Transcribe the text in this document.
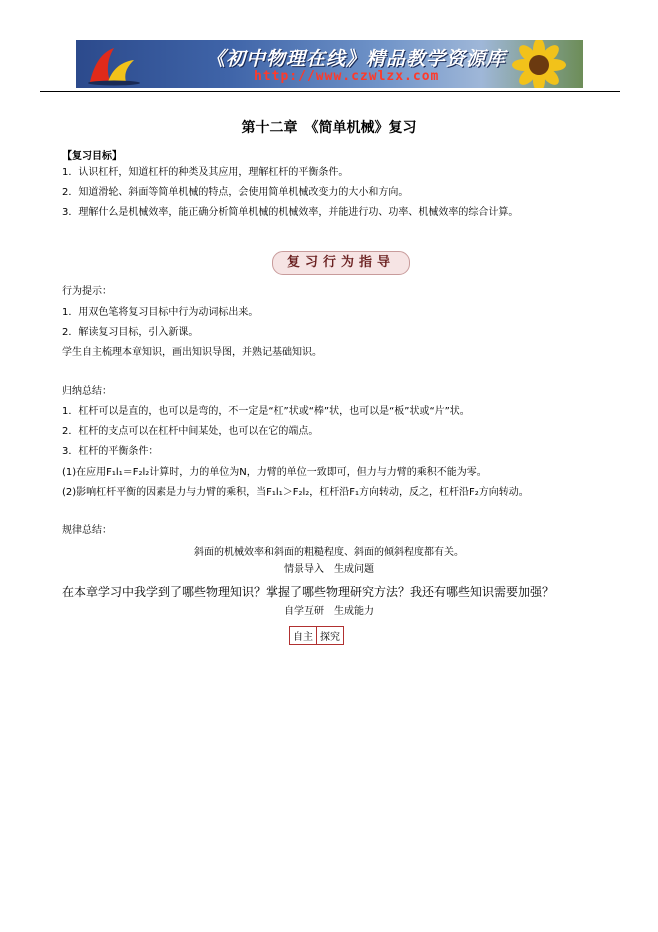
《初中物理在线》精品教学资源库
http://www.czwlzx.com
第十二章　《简单机械》复习
【复习目标】
1．认识杠杆，知道杠杆的种类及其应用，理解杠杆的平衡条件。
2．知道滑轮、斜面等简单机械的特点，会使用简单机械改变力的大小和方向。
3．理解什么是机械效率，能正确分析简单机械的机械效率，并能进行功、功率、机械效率的综合计算。
复习行为指导
行为提示：
1．用双色笔将复习目标中行为动词标出来。
2．解读复习目标，引入新课。
学生自主梳理本章知识，画出知识导图，并熟记基础知识。
归纳总结：
1．杠杆可以是直的，也可以是弯的，不一定是“杠”状或“棒”状，也可以是“板”状或“片”状。
2．杠杆的支点可以在杠杆中间某处，也可以在它的端点。
3．杠杆的平衡条件：
(1)在应用F₁l₁＝F₂l₂计算时，力的单位为N，力臂的单位一致即可，但力与力臂的乘积不能为零。
(2)影响杠杆平衡的因素是力与力臂的乘积，当F₁l₁＞F₂l₂，杠杆沿F₁方向转动，反之，杠杆沿F₂方向转动。
规律总结：
斜面的机械效率和斜面的粗糙程度、斜面的倾斜程度都有关。
情景导入　生成问题
在本章学习中我学到了哪些物理知识？掌握了哪些物理研究方法？我还有哪些知识需要加强？
自学互研　生成能力
自主 探究
